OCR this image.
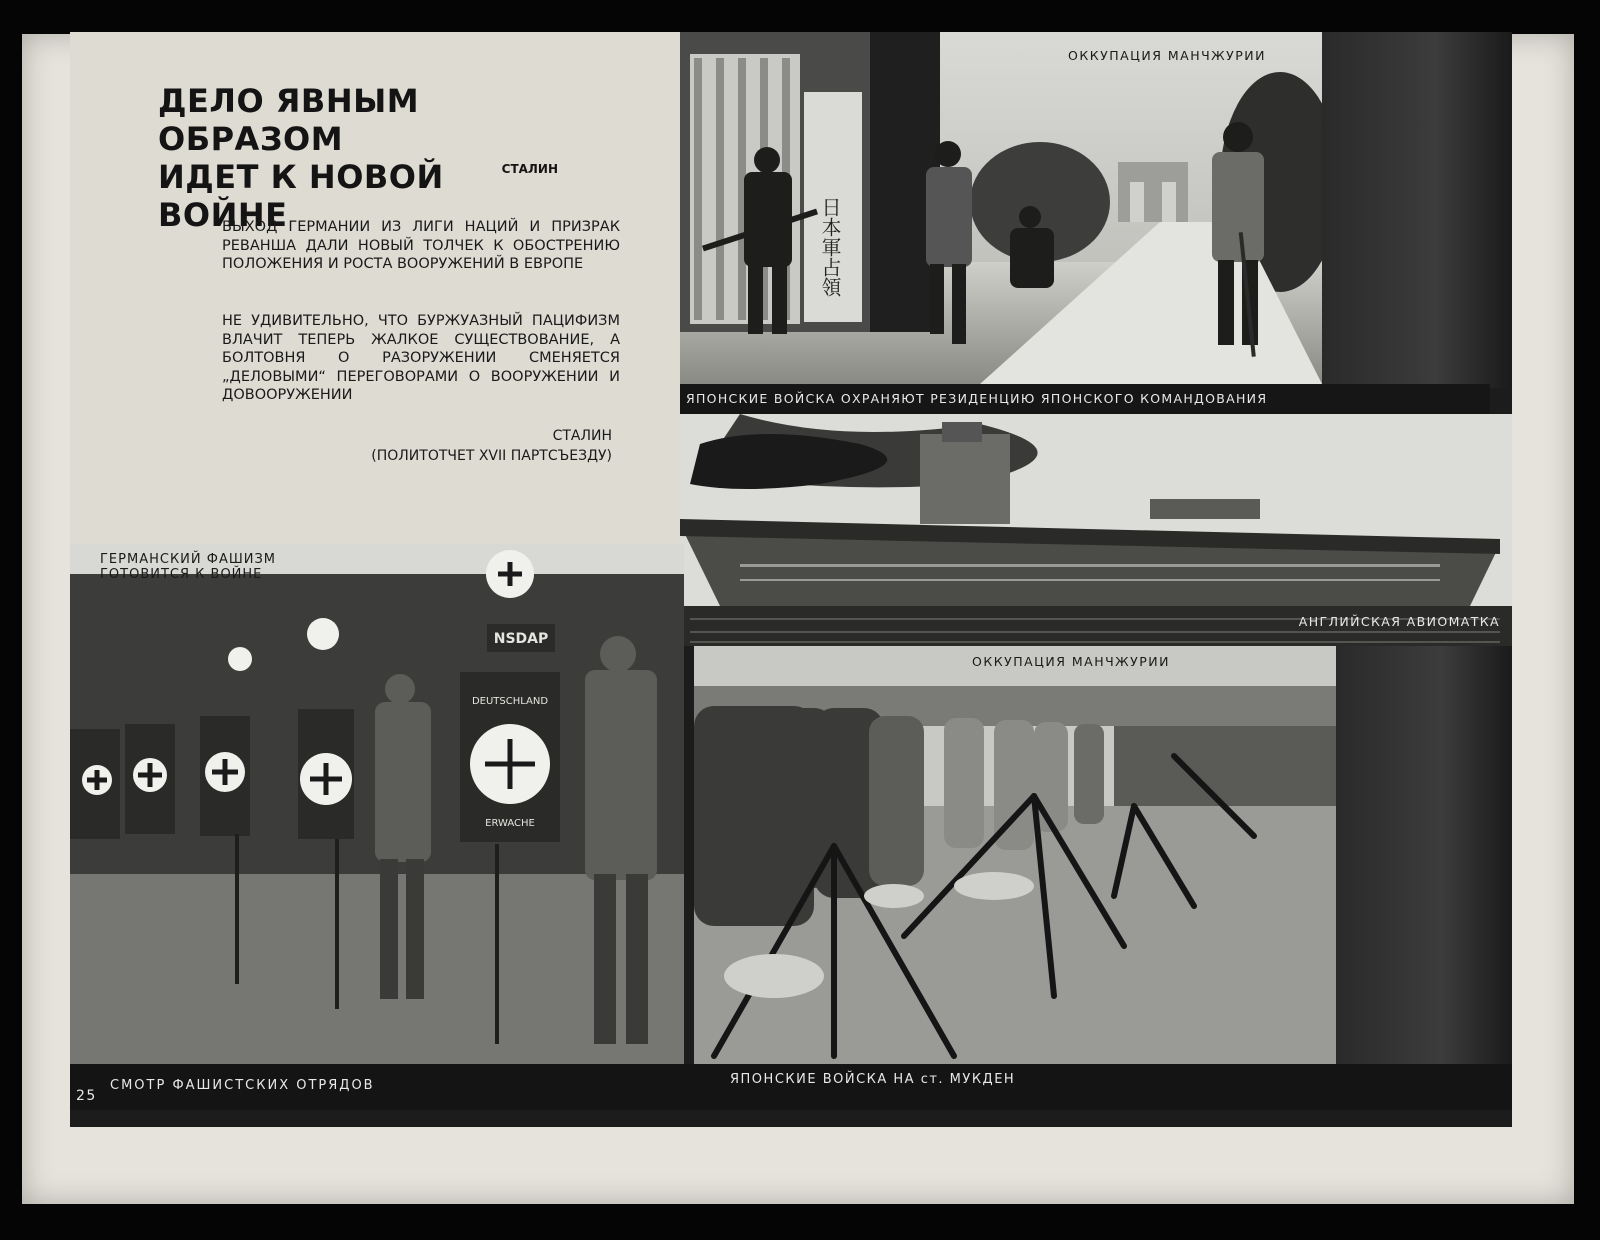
ДЕЛО ЯВНЫМ ОБРАЗОМ
ИДЕТ К НОВОЙ ВОЙНЕ
СТАЛИН

ВЫХОД ГЕРМАНИИ ИЗ ЛИГИ НАЦИЙ И ПРИЗРАК РЕВАНША ДАЛИ НОВЫЙ ТОЛЧЕК К ОБОСТРЕНИЮ ПОЛОЖЕНИЯ И РОСТА ВООРУЖЕНИЙ В ЕВРОПЕ

НЕ УДИВИТЕЛЬНО, ЧТО БУРЖУАЗНЫЙ ПАЦИФИЗМ ВЛАЧИТ ТЕПЕРЬ ЖАЛКОЕ СУЩЕСТВОВАНИЕ, А БОЛТОВНЯ О РАЗОРУЖЕНИИ СМЕНЯЕТСЯ „ДЕЛОВЫМИ“ ПЕРЕГОВОРАМИ О ВООРУЖЕНИИ И ДОВООРУЖЕНИИ

СТАЛИН
(ПОЛИТОТЧЕТ XVII ПАРТСЪЕЗДУ)
日本軍占領
ОККУПАЦИЯ МАНЧЖУРИИ
ЯПОНСКИЕ ВОЙСКА ОХРАНЯЮТ РЕЗИДЕНЦИЮ ЯПОНСКОГО КОМАНДОВАНИЯ
АНГЛИЙСКАЯ АВИОМАТКА
NSDAP
DEUTSCHLAND
ERWACHE
ГЕРМАНСКИЙ ФАШИЗМ
ГОТОВИТСЯ К ВОЙНЕ
ОККУПАЦИЯ МАНЧЖУРИИ
25
СМОТР ФАШИСТСКИХ ОТРЯДОВ	ЯПОНСКИЕ ВОЙСКА НА ст. МУКДЕН
